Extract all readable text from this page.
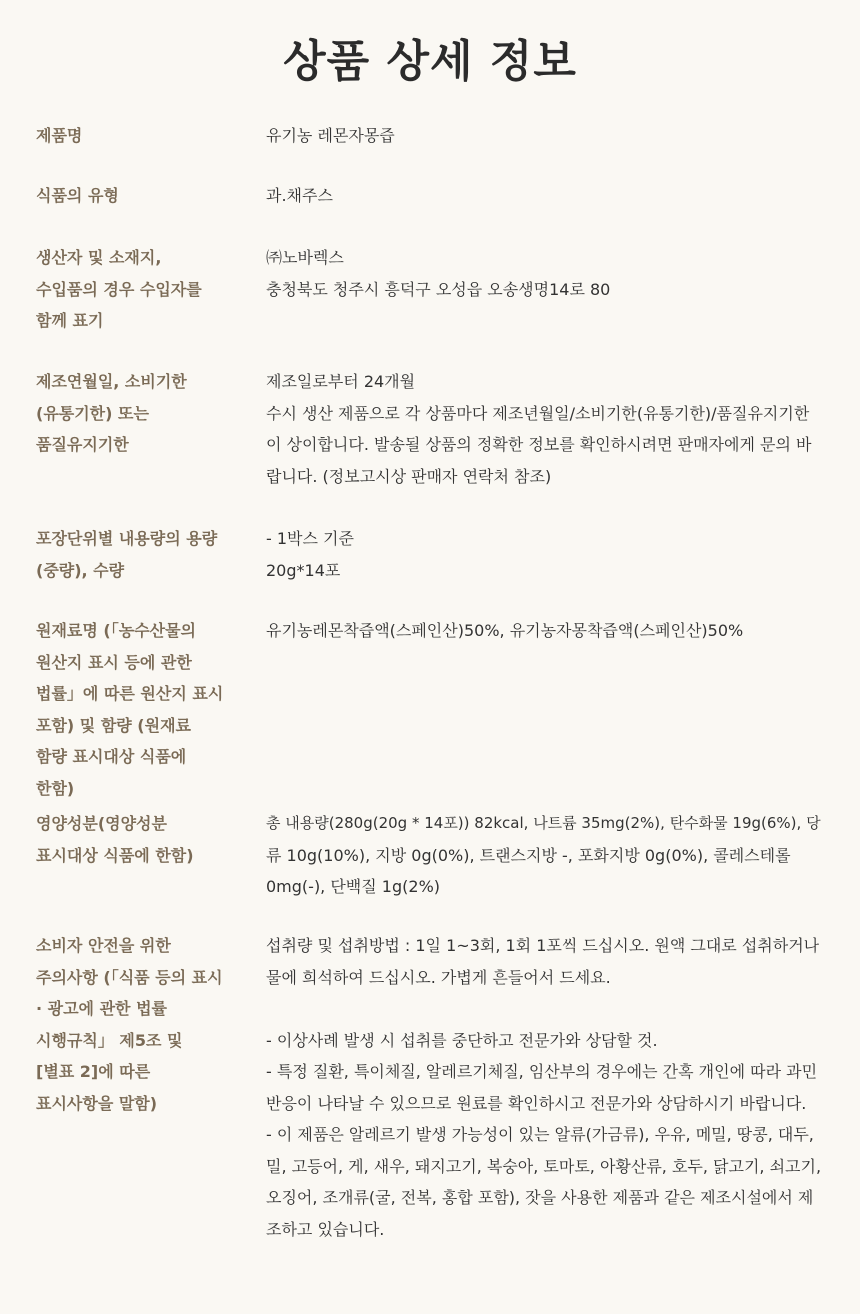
상품 상세 정보
제품명	유기농 레몬자몽즙
식품의 유형	과.채주스
생산자 및 소재지, 수입품의 경우 수입자를 함께 표기
㈜노바렉스
충청북도 청주시 흥덕구 오성읍 오송생명14로 80
제조연월일, 소비기한(유통기한) 또는 품질유지기한
제조일로부터 24개월
수시 생산 제품으로 각 상품마다 제조년월일/소비기한(유통기한)/품질유지기한
이 상이합니다. 발송될 상품의 정확한 정보를 확인하시려면 판매자에게 문의 바
랍니다. (정보고시상 판매자 연락처 참조)
포장단위별 내용량의 용량(중량), 수량
- 1박스 기준
20g*14포
원재료명 (「농수산물의 원산지 표시 등에 관한 법률」에 따른 원산지 표시 포함) 및 함량 (원재료 함량 표시대상 식품에 한함)
유기농레몬착즙액(스페인산)50%, 유기농자몽착즙액(스페인산)50%
영양성분(영양성분 표시대상 식품에 한함)
총 내용량(280g(20g * 14포)) 82kcal, 나트륨 35mg(2%), 탄수화물 19g(6%), 당
류 10g(10%), 지방 0g(0%), 트랜스지방 -, 포화지방 0g(0%), 콜레스테롤
0mg(-), 단백질 1g(2%)
소비자 안전을 위한 주의사항 (「식품 등의 표시 · 광고에 관한 법률 시행규칙」 제5조 및 [별표 2]에 따른 표시사항을 말함)
섭취량 및 섭취방법 : 1일 1~3회, 1회 1포씩 드십시오. 원액 그대로 섭취하거나
물에 희석하여 드십시오. 가볍게 흔들어서 드세요.
- 이상사례 발생 시 섭취를 중단하고 전문가와 상담할 것.
- 특정 질환, 특이체질, 알레르기체질, 임산부의 경우에는 간혹 개인에 따라 과민
반응이 나타날 수 있으므로 원료를 확인하시고 전문가와 상담하시기 바랍니다.
- 이 제품은 알레르기 발생 가능성이 있는 알류(가금류), 우유, 메밀, 땅콩, 대두,
밀, 고등어, 게, 새우, 돼지고기, 복숭아, 토마토, 아황산류, 호두, 닭고기, 쇠고기,
오징어, 조개류(굴, 전복, 홍합 포함), 잣을 사용한 제품과 같은 제조시설에서 제
조하고 있습니다.
